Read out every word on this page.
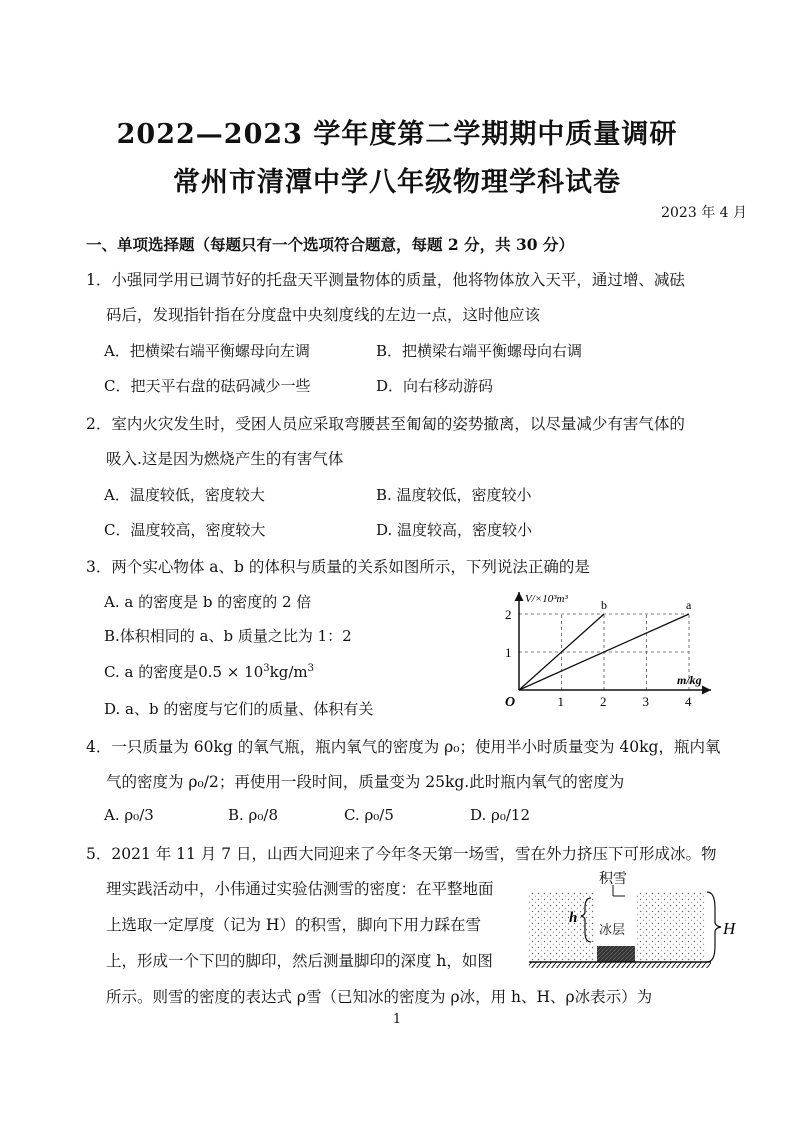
2022—2023 学年度第二学期期中质量调研
常州市清潭中学八年级物理学科试卷
2023 年 4 月
一、单项选择题（每题只有一个选项符合题意，每题 2 分，共 30 分）
1．小强同学用已调节好的托盘天平测量物体的质量，他将物体放入天平，通过增、减砝
码后，发现指针指在分度盘中央刻度线的左边一点，这时他应该
A．把横梁右端平衡螺母向左调	B．把横梁右端平衡螺母向右调
C．把天平右盘的砝码减少一些	D．向右移动游码
2．室内火灾发生时，受困人员应采取弯腰甚至匍匐的姿势撤离，以尽量减少有害气体的
吸入.这是因为燃烧产生的有害气体
A．温度较低，密度较大	B. 温度较低，密度较小
C．温度较高，密度较大	D. 温度较高，密度较小
3．两个实心物体 a、b 的体积与质量的关系如图所示，下列说法正确的是
A. a 的密度是 b 的密度的 2 倍
B.体积相同的 a、b 质量之比为 1：2
C. a 的密度是$0.5 \times 10^3kg/m^3$
D. a、b 的密度与它们的质量、体积有关
a
b
1	2	3	4
1
2
O
V/×10³m³
m/kg
4．一只质量为 60kg 的氧气瓶，瓶内氧气的密度为 ρ₀；使用半小时质量变为 40kg，瓶内氧
气的密度为 ρ₀/2；再使用一段时间，质量变为 25kg.此时瓶内氧气的密度为
A. ρ₀/3	B. ρ₀/8	C. ρ₀/5	D. ρ₀/12
5．2021 年 11 月 7 日，山西大同迎来了今年冬天第一场雪，雪在外力挤压下可形成冰。物
理实践活动中，小伟通过实验估测雪的密度：在平整地面
上选取一定厚度（记为 H）的积雪，脚向下用力踩在雪
上，形成一个下凹的脚印，然后测量脚印的深度 h，如图
所示。则雪的密度的表达式 ρ雪（已知冰的密度为 ρ冰，用 h、H、ρ冰表示）为
积雪
h
冰层	H
1
